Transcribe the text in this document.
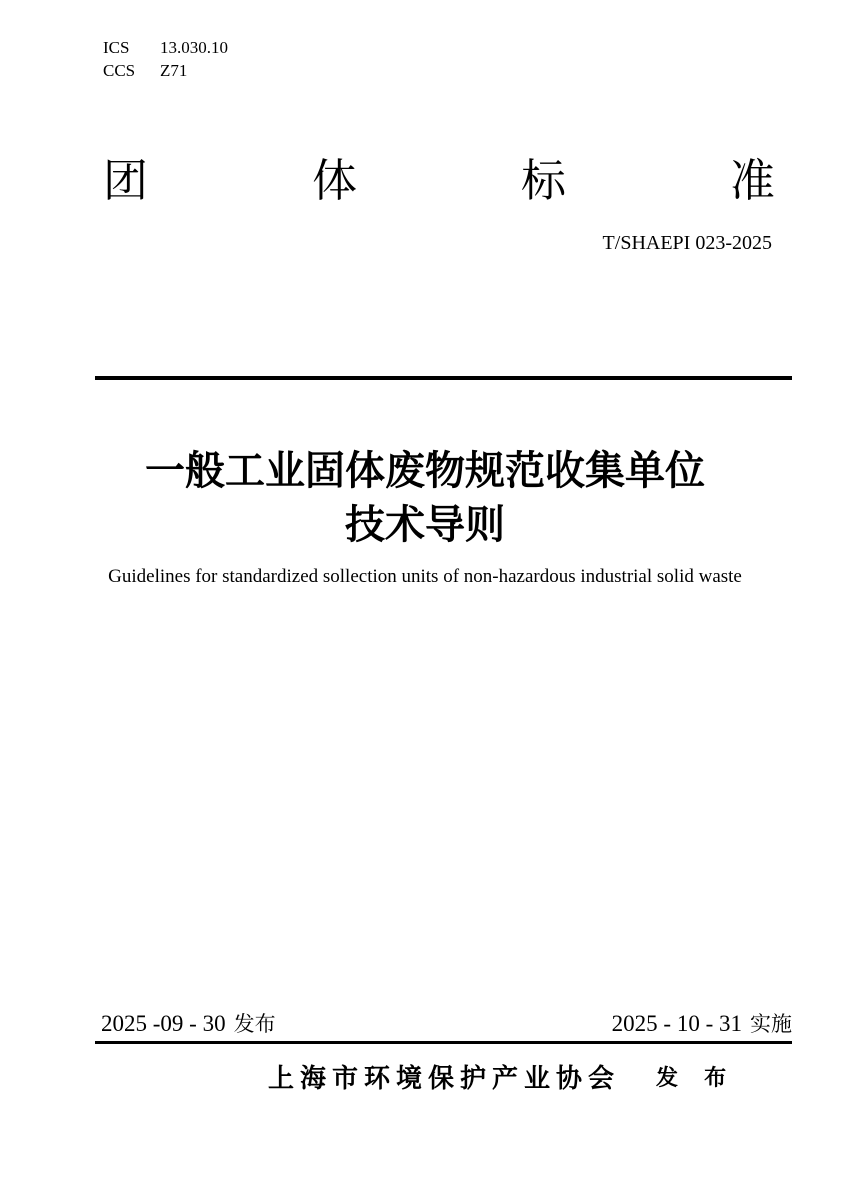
ICS	13.030.10
CCS	Z71
团	体	标	准
T/SHAEPI 023-2025
一般工业固体废物规范收集单位
技术导则
Guidelines for standardized sollection units of non-hazardous industrial solid waste
2025 -09 - 30 发布	2025 - 10 - 31 实施
上海市环境保护产业协会 发 布
